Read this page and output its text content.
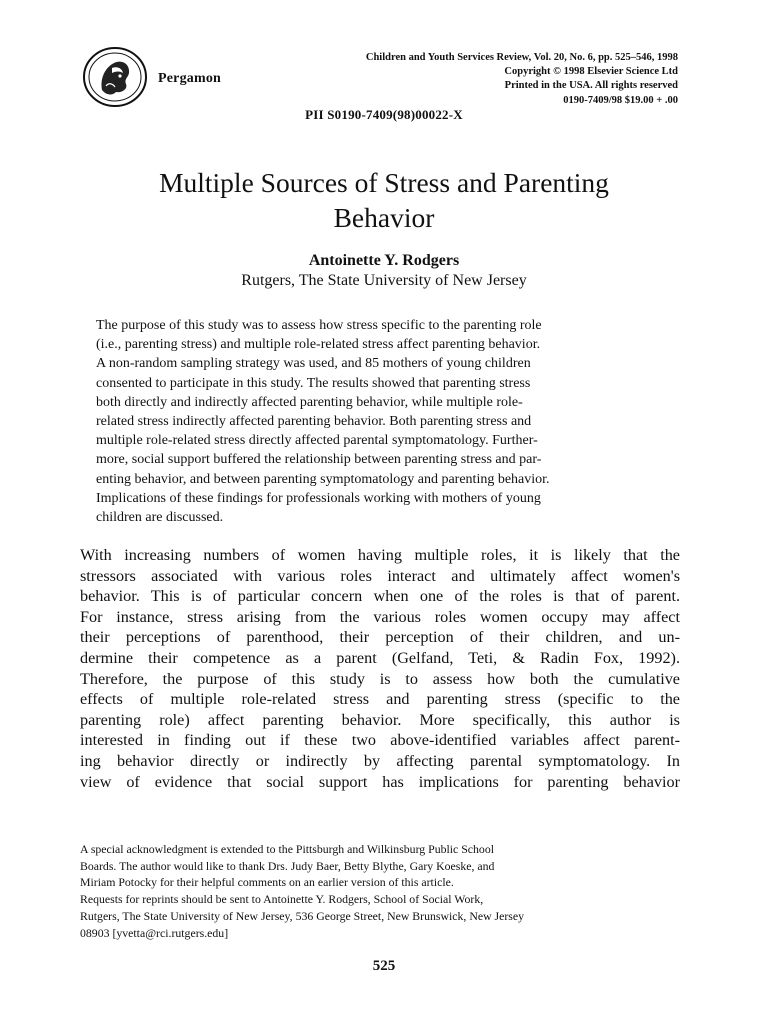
Pergamon
Children and Youth Services Review, Vol. 20, No. 6, pp. 525–546, 1998
Copyright © 1998 Elsevier Science Ltd
Printed in the USA. All rights reserved
0190-7409/98 $19.00 + .00
PII S0190-7409(98)00022-X
Multiple Sources of Stress and Parenting
Behavior
Antoinette Y. Rodgers
Rutgers, The State University of New Jersey
The purpose of this study was to assess how stress specific to the parenting role
(i.e., parenting stress) and multiple role-related stress affect parenting behavior.
A non-random sampling strategy was used, and 85 mothers of young children
consented to participate in this study. The results showed that parenting stress
both directly and indirectly affected parenting behavior, while multiple role-
related stress indirectly affected parenting behavior. Both parenting stress and
multiple role-related stress directly affected parental symptomatology. Further-
more, social support buffered the relationship between parenting stress and par-
enting behavior, and between parenting symptomatology and parenting behavior.
Implications of these findings for professionals working with mothers of young
children are discussed.
With increasing numbers of women having multiple roles, it is likely that the
stressors associated with various roles interact and ultimately affect women's
behavior. This is of particular concern when one of the roles is that of parent.
For instance, stress arising from the various roles women occupy may affect
their perceptions of parenthood, their perception of their children, and un-
dermine their competence as a parent (Gelfand, Teti, & Radin Fox, 1992).
Therefore, the purpose of this study is to assess how both the cumulative
effects of multiple role-related stress and parenting stress (specific to the
parenting role) affect parenting behavior. More specifically, this author is
interested in finding out if these two above-identified variables affect parent-
ing behavior directly or indirectly by affecting parental symptomatology. In
view of evidence that social support has implications for parenting behavior
A special acknowledgment is extended to the Pittsburgh and Wilkinsburg Public School
Boards. The author would like to thank Drs. Judy Baer, Betty Blythe, Gary Koeske, and
Miriam Potocky for their helpful comments on an earlier version of this article.
Requests for reprints should be sent to Antoinette Y. Rodgers, School of Social Work,
Rutgers, The State University of New Jersey, 536 George Street, New Brunswick, New Jersey
08903 [yvetta@rci.rutgers.edu]
525
